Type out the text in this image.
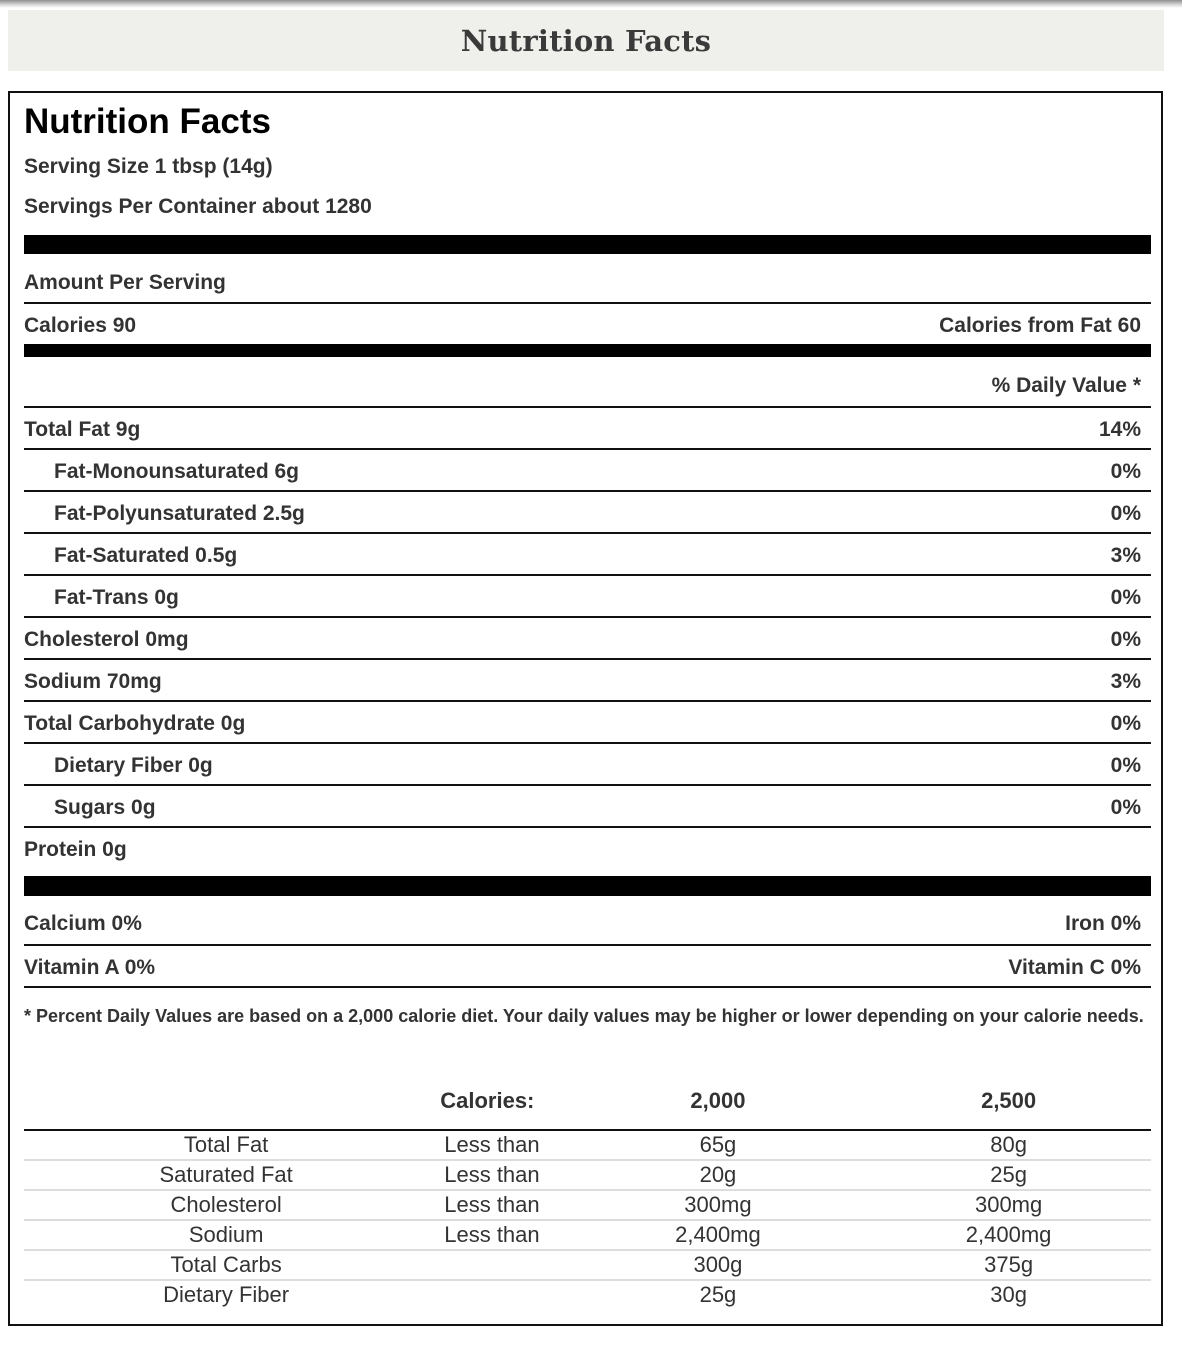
Nutrition Facts
Nutrition Facts
Serving Size 1 tbsp (14g)
Servings Per Container about 1280
Amount Per Serving
Calories 90	Calories from Fat 60
% Daily Value *
Total Fat 9g	14%
Fat-Monounsaturated 6g	0%
Fat-Polyunsaturated 2.5g	0%
Fat-Saturated 0.5g	3%
Fat-Trans 0g	0%
Cholesterol 0mg	0%
Sodium 70mg	3%
Total Carbohydrate 0g	0%
Dietary Fiber 0g	0%
Sugars 0g	0%
Protein 0g
Calcium 0%	Iron 0%
Vitamin A 0%	Vitamin C 0%
* Percent Daily Values are based on a 2,000 calorie diet. Your daily values may be higher or lower depending on your calorie needs.
	Calories:	2,000	2,500
Total Fat	Less than	65g	80g
Saturated Fat	Less than	20g	25g
Cholesterol	Less than	300mg	300mg
Sodium	Less than	2,400mg	2,400mg
Total Carbs		300g	375g
Dietary Fiber		25g	30g
